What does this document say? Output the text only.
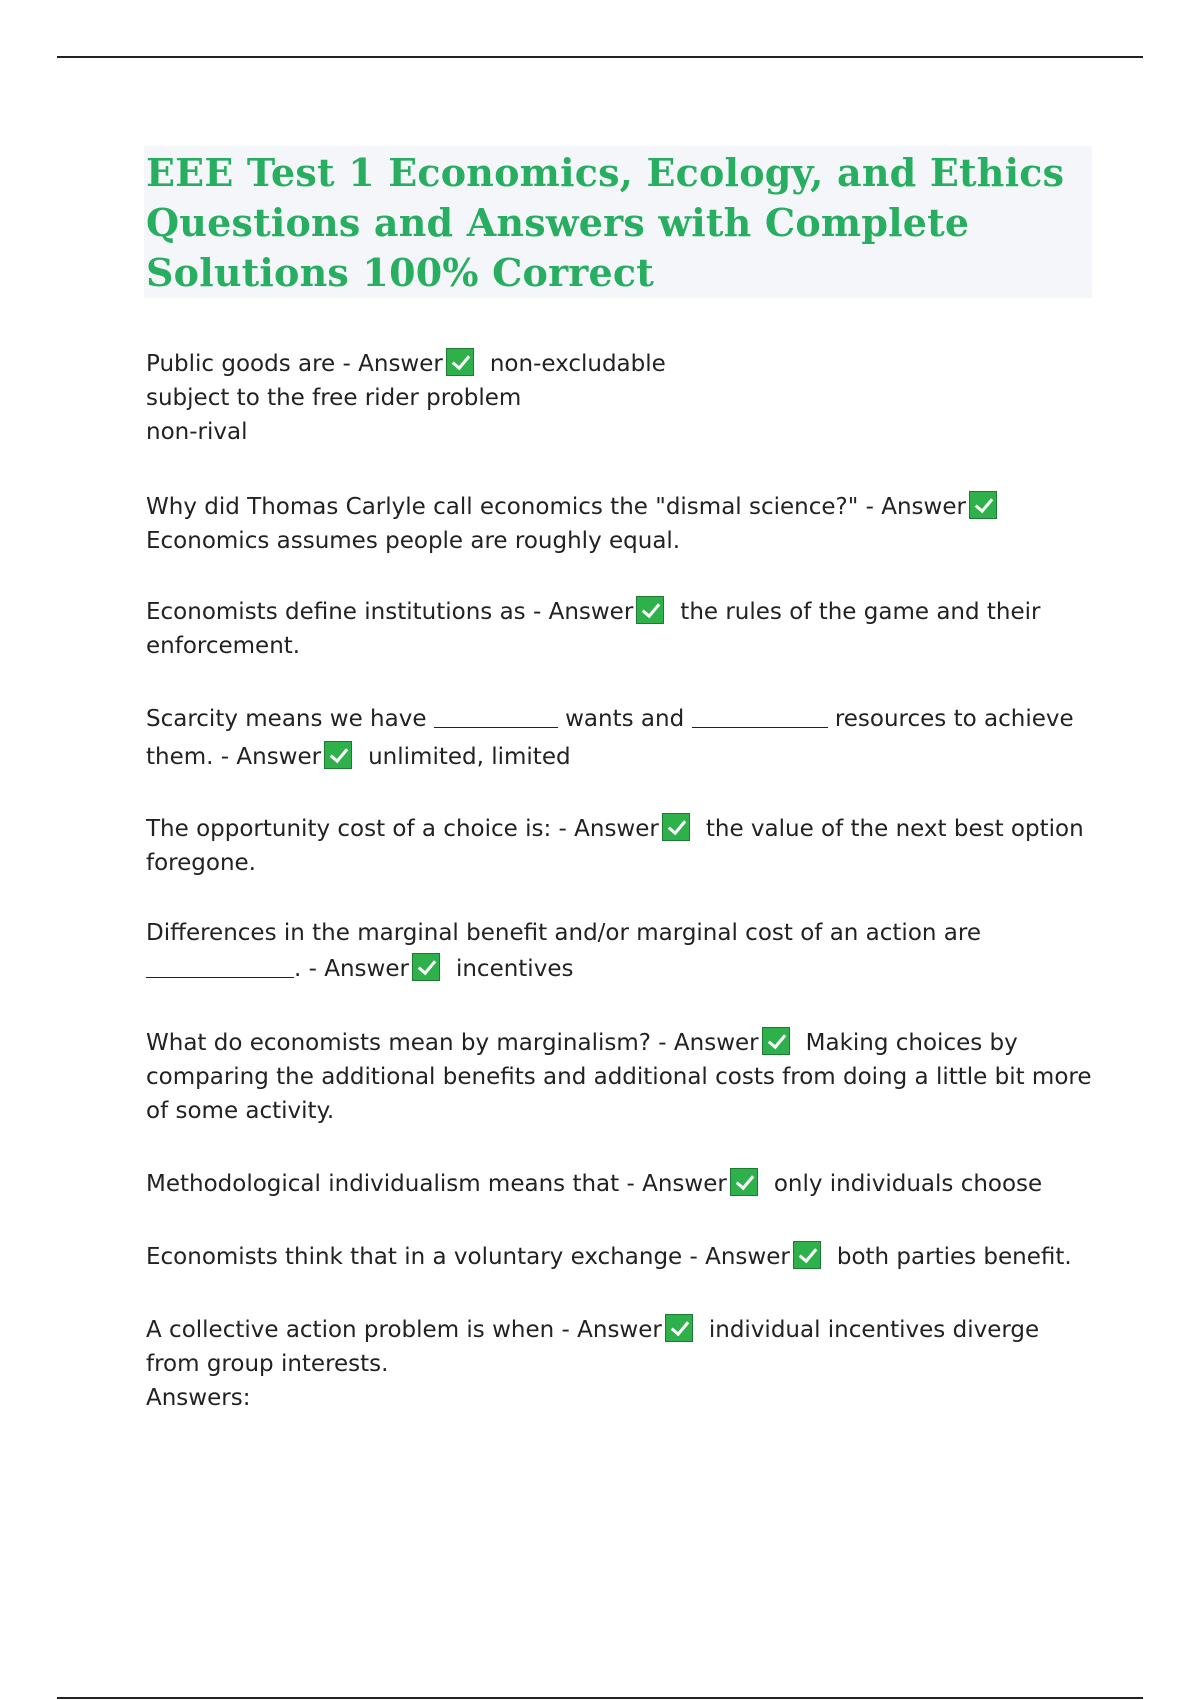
EEE Test 1 Economics, Ecology, and Ethics Questions and Answers with Complete Solutions 100% Correct

Public goods are - Answer non-excludable
subject to the free rider problem
non-rival

Why did Thomas Carlyle call economics the "dismal science?" - Answer
Economics assumes people are roughly equal.

Economists define institutions as - Answer the rules of the game and their enforcement.

Scarcity means we have	wants and	resources to achieve them. - Answer unlimited, limited

The opportunity cost of a choice is: - Answer the value of the next best option foregone.

Differences in the marginal benefit and/or marginal cost of an action are
. - Answer incentives

What do economists mean by marginalism? - Answer Making choices by comparing the additional benefits and additional costs from doing a little bit more of some activity.

Methodological individualism means that - Answer only individuals choose

Economists think that in a voluntary exchange - Answer both parties benefit.

A collective action problem is when - Answer individual incentives diverge from group interests.
Answers:
